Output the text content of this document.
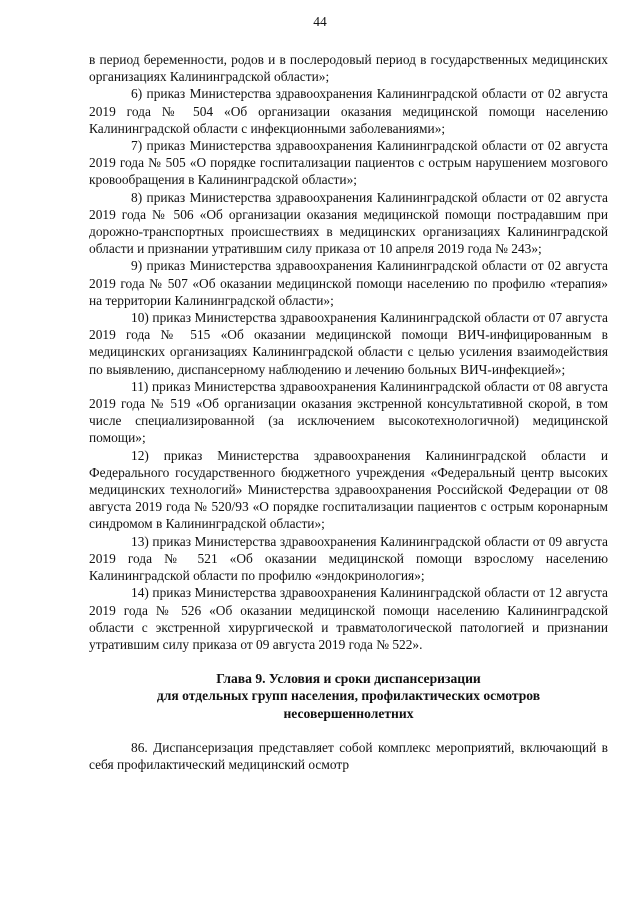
44

в период беременности, родов и в послеродовый период в государственных медицинских организациях Калининградской области»;

6) приказ Министерства здравоохранения Калининградской области от 02 августа 2019 года № 504 «Об организации оказания медицинской помощи населению Калининградской области с инфекционными заболеваниями»;

7) приказ Министерства здравоохранения Калининградской области от 02 августа 2019 года № 505 «О порядке госпитализации пациентов с острым нарушением мозгового кровообращения в Калининградской области»;

8) приказ Министерства здравоохранения Калининградской области от 02 августа 2019 года № 506 «Об организации оказания медицинской помощи пострадавшим при дорожно-транспортных происшествиях в медицинских организациях Калининградской области и признании утратившим силу приказа от 10 апреля 2019 года № 243»;

9) приказ Министерства здравоохранения Калининградской области от 02 августа 2019 года № 507 «Об оказании медицинской помощи населению по профилю «терапия» на территории Калининградской области»;

10) приказ Министерства здравоохранения Калининградской области от 07 августа 2019 года № 515 «Об оказании медицинской помощи ВИЧ-инфицированным в медицинских организациях Калининградской области с целью усиления взаимодействия по выявлению, диспансерному наблюдению и лечению больных ВИЧ-инфекцией»;

11) приказ Министерства здравоохранения Калининградской области от 08 августа 2019 года № 519 «Об организации оказания экстренной консультативной скорой, в том числе специализированной (за исключением высокотехнологичной) медицинской помощи»;

12) приказ Министерства здравоохранения Калининградской области и Федерального государственного бюджетного учреждения «Федеральный центр высоких медицинских технологий» Министерства здравоохранения Российской Федерации от 08 августа 2019 года № 520/93 «О порядке госпитализации пациентов с острым коронарным синдромом в Калининградской области»;

13) приказ Министерства здравоохранения Калининградской области от 09 августа 2019 года № 521 «Об оказании медицинской помощи взрослому населению Калининградской области по профилю «эндокринология»;

14) приказ Министерства здравоохранения Калининградской области от 12 августа 2019 года № 526 «Об оказании медицинской помощи населению Калининградской области с экстренной хирургической и травматологической патологией и признании утратившим силу приказа от 09 августа 2019 года № 522».

Глава 9. Условия и сроки диспансеризации
для отдельных групп населения, профилактических осмотров
несовершеннолетних

86. Диспансеризация представляет собой комплекс мероприятий, включающий в себя профилактический медицинский осмотр
